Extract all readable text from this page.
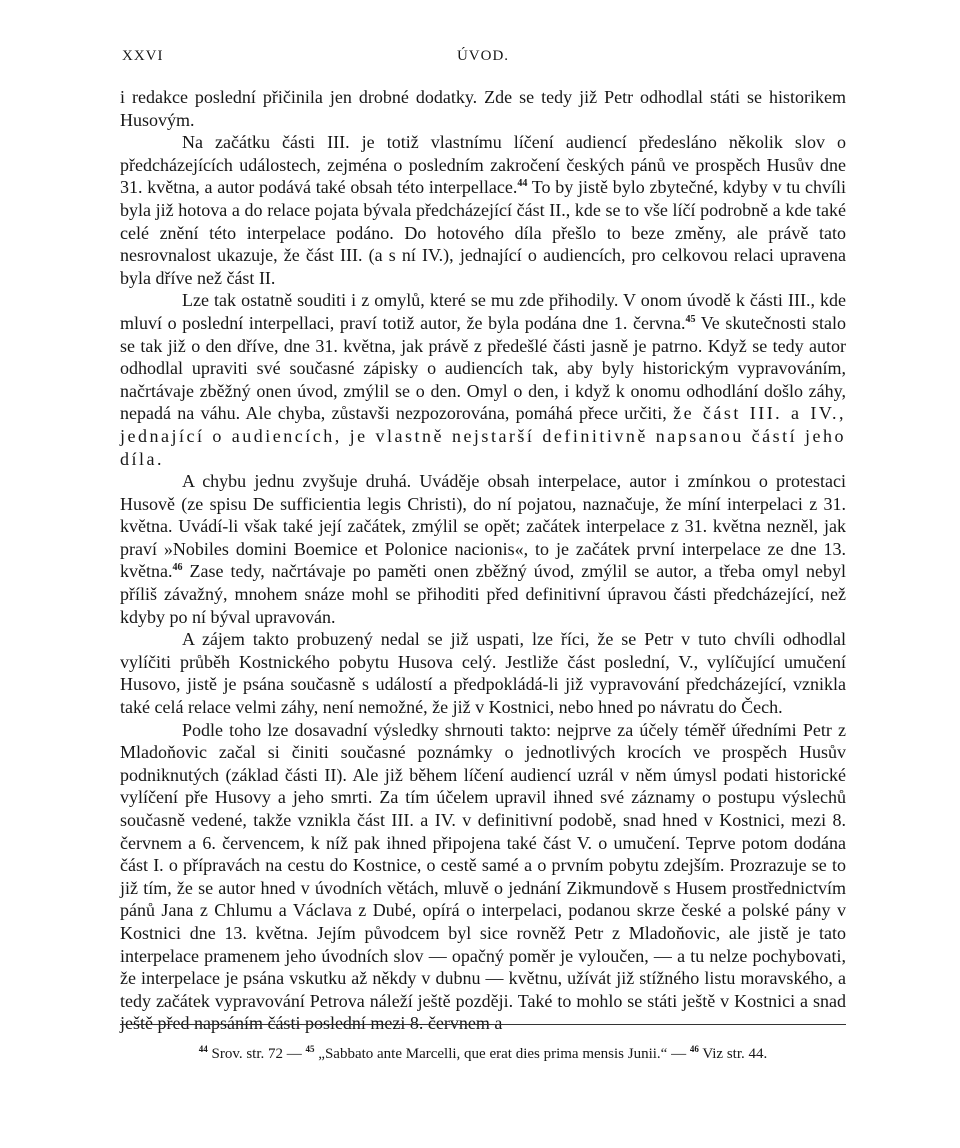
XXVI	ÚVOD.

i redakce poslední přičinila jen drobné dodatky. Zde se tedy již Petr odhodlal státi se historikem Husovým.

Na začátku části III. je totiž vlastnímu líčení audiencí předesláno několik slov o předcházejících událostech, zejména o posledním zakročení českých pánů ve prospěch Husův dne 31. května, a autor podává také obsah této interpellace.$^{44}$ To by jistě bylo zbytečné, kdyby v tu chvíli byla již hotova a do relace pojata bývala předcházející část II., kde se to vše líčí podrobně a kde také celé znění této interpelace podáno. Do hotového díla přešlo to beze změny, ale právě tato nesrovnalost ukazuje, že část III. (a s ní IV.), jednající o audiencích, pro celkovou relaci upravena byla dříve než část II.

Lze tak ostatně souditi i z omylů, které se mu zde přihodily. V onom úvodě k části III., kde mluví o poslední interpellaci, praví totiž autor, že byla podána dne 1. června.$^{45}$ Ve skutečnosti stalo se tak již o den dříve, dne 31. května, jak právě z předešlé části jasně je patrno. Když se tedy autor odhodlal upraviti své současné zápisky o audiencích tak, aby byly historickým vypravováním, načrtávaje zběžný onen úvod, zmýlil se o den. Omyl o den, i když k onomu odhodlání došlo záhy, nepadá na váhu. Ale chyba, zůstavši nezpozorována, pomáhá přece určiti, že část III. a IV., jednající o audiencích, je vlastně nejstarší definitivně napsanou částí jeho díla.

A chybu jednu zvyšuje druhá. Uváděje obsah interpelace, autor i zmínkou o protestaci Husově (ze spisu De sufficientia legis Christi), do ní pojatou, naznačuje, že míní interpelaci z 31. května. Uvádí-li však také její začátek, zmýlil se opět; začátek interpelace z 31. května nezněl, jak praví »Nobiles domini Boemice et Polonice nacionis«, to je začátek první interpelace ze dne 13. května.$^{46}$ Zase tedy, načrtávaje po paměti onen zběžný úvod, zmýlil se autor, a třeba omyl nebyl příliš závažný, mnohem snáze mohl se přihoditi před definitivní úpravou části předcházející, než kdyby po ní býval upravován.

A zájem takto probuzený nedal se již uspati, lze říci, že se Petr v tuto chvíli odhodlal vylíčiti průběh Kostnického pobytu Husova celý. Jestliže část poslední, V., vylíčující umučení Husovo, jistě je psána současně s událostí a předpokládá-li již vypravování předcházející, vznikla také celá relace velmi záhy, není nemožné, že již v Kostnici, nebo hned po návratu do Čech.

Podle toho lze dosavadní výsledky shrnouti takto: nejprve za účely téměř úředními Petr z Mladoňovic začal si činiti současné poznámky o jednotlivých krocích ve prospěch Husův podniknutých (základ části II). Ale již během líčení audiencí uzrál v něm úmysl podati historické vylíčení pře Husovy a jeho smrti. Za tím účelem upravil ihned své záznamy o postupu výslechů současně vedené, takže vznikla část III. a IV. v definitivní podobě, snad hned v Kostnici, mezi 8. červnem a 6. červencem, k níž pak ihned připojena také část V. o umučení. Teprve potom dodána část I. o přípravách na cestu do Kostnice, o cestě samé a o prvním pobytu zdejším. Prozrazuje se to již tím, že se autor hned v úvodních větách, mluvě o jednání Zikmundově s Husem prostřednictvím pánů Jana z Chlumu a Václava z Dubé, opírá o interpelaci, podanou skrze české a polské pány v Kostnici dne 13. května. Jejím původcem byl sice rovněž Petr z Mladoňovic, ale jistě je tato interpelace pramenem jeho úvodních slov — opačný poměr je vyloučen, — a tu nelze pochybovati, že interpelace je psána vskutku až někdy v dubnu — květnu, užívát již stížného listu moravského, a tedy začátek vypravování Petrova náleží ještě později. Také to mohlo se státi ještě v Kostnici a snad ještě před napsáním části poslední mezi 8. červnem a

$^{44}$ Srov. str. 72 — $^{45}$ „Sabbato ante Marcelli, que erat dies prima mensis Junii.“ — $^{46}$ Viz str. 44.
